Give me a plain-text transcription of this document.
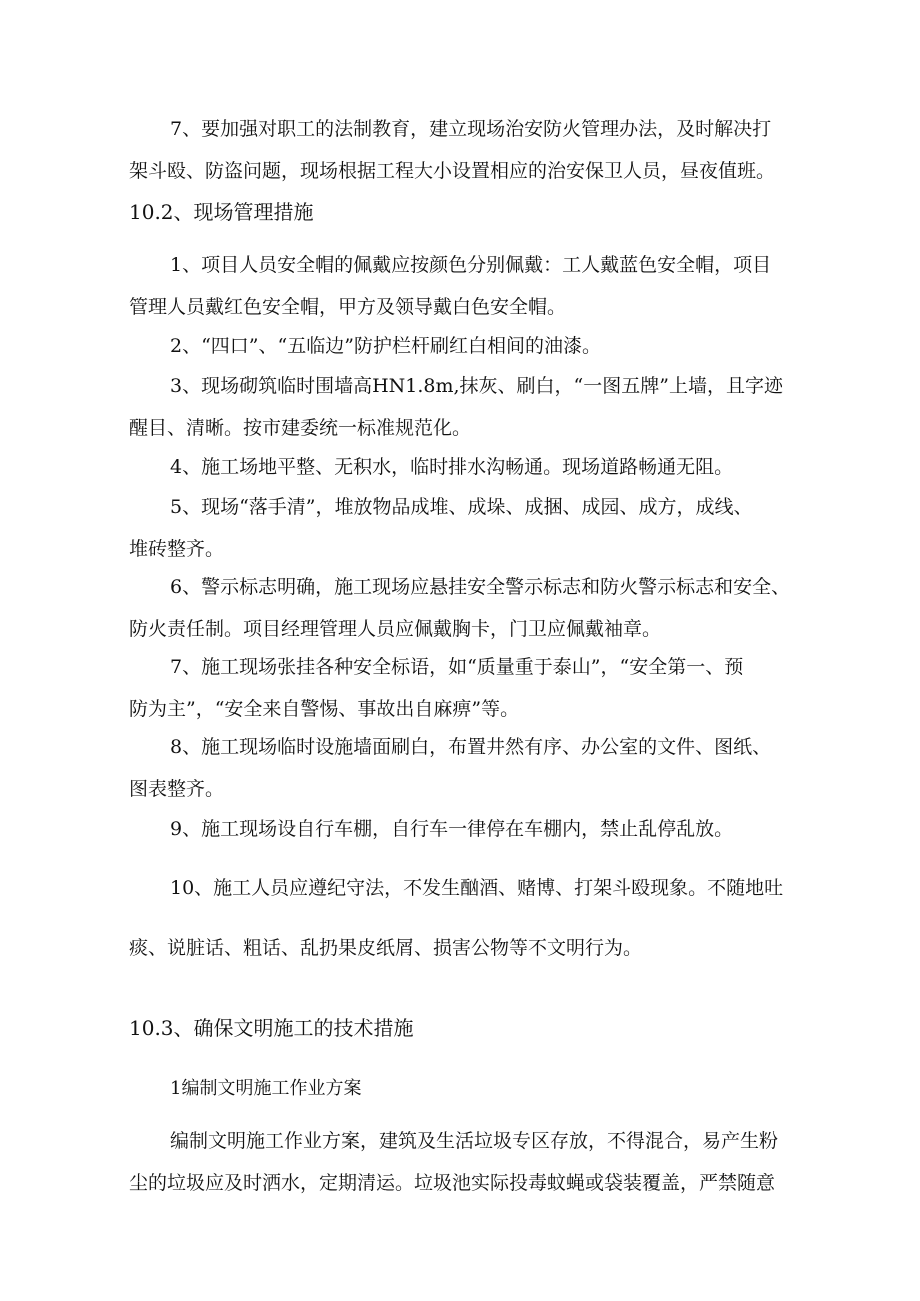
7、要加强对职工的法制教育，建立现场治安防火管理办法，及时解决打
架斗殴、防盗问题，现场根据工程大小设置相应的治安保卫人员，昼夜值班。

10.2、现场管理措施

1、项目人员安全帽的佩戴应按颜色分别佩戴：工人戴蓝色安全帽，项目
管理人员戴红色安全帽，甲方及领导戴白色安全帽。

2、“四口”、“五临边”防护栏杆刷红白相间的油漆。

3、现场砌筑临时围墙高HN1.8m,抹灰、刷白，“一图五牌”上墙，且字迹
醒目、清晰。按市建委统一标准规范化。

4、施工场地平整、无积水，临时排水沟畅通。现场道路畅通无阻。

5、现场“落手清”，堆放物品成堆、成垛、成捆、成园、成方，成线、
堆砖整齐。

6、警示标志明确，施工现场应悬挂安全警示标志和防火警示标志和安全、
防火责任制。项目经理管理人员应佩戴胸卡，门卫应佩戴袖章。

7、施工现场张挂各种安全标语，如“质量重于泰山”，“安全第一、预
防为主”，“安全来自警惕、事故出自麻痹”等。

8、施工现场临时设施墙面刷白，布置井然有序、办公室的文件、图纸、
图表整齐。

9、施工现场设自行车棚，自行车一律停在车棚内，禁止乱停乱放。

10、施工人员应遵纪守法，不发生酗酒、赌博、打架斗殴现象。不随地吐
痰、说脏话、粗话、乱扔果皮纸屑、损害公物等不文明行为。

10.3、确保文明施工的技术措施
1编制文明施工作业方案

编制文明施工作业方案，建筑及生活垃圾专区存放，不得混合，易产生粉
尘的垃圾应及时洒水，定期清运。垃圾池实际投毒蚊蝇或袋装覆盖，严禁随意
